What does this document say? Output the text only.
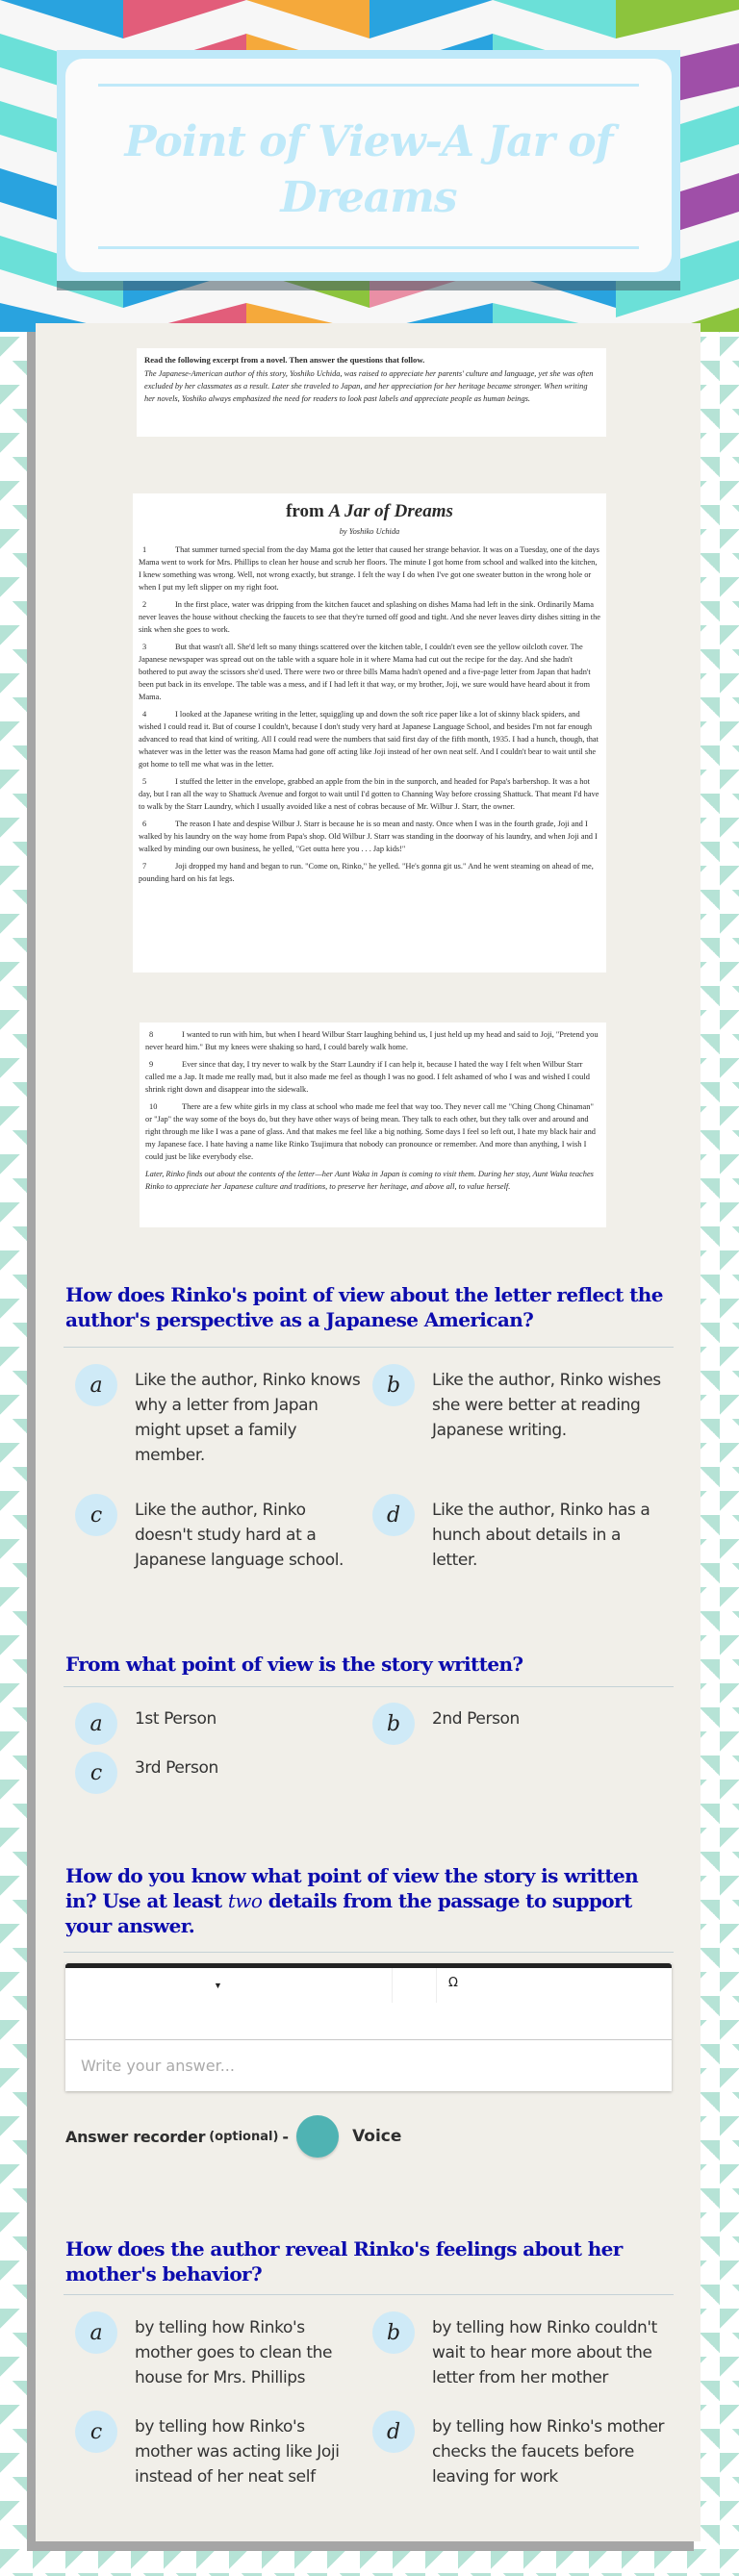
Point of View-A Jar of Dreams
Read the following excerpt from a novel. Then answer the questions that follow.
The Japanese-American author of this story, Yoshiko Uchida, was raised to appreciate her parents' culture and language, yet she was often excluded by her classmates as a result. Later she traveled to Japan, and her appreciation for her heritage became stronger. When writing her novels, Yoshiko always emphasized the need for readers to look past labels and appreciate people as human beings.
from A Jar of Dreams
by Yoshiko Uchida
1	That summer turned special from the day Mama got the letter that caused her strange behavior. It was on a Tuesday, one of the days Mama went to work for Mrs. Phillips to clean her house and scrub her floors. The minute I got home from school and walked into the kitchen, I knew something was wrong. Well, not wrong exactly, but strange. I felt the way I do when I've got one sweater button in the wrong hole or when I put my left slipper on my right foot.
2	In the first place, water was dripping from the kitchen faucet and splashing on dishes Mama had left in the sink. Ordinarily Mama never leaves the house without checking the faucets to see that they're turned off good and tight. And she never leaves dirty dishes sitting in the sink when she goes to work.
3	But that wasn't all. She'd left so many things scattered over the kitchen table, I couldn't even see the yellow oilcloth cover. The Japanese newspaper was spread out on the table with a square hole in it where Mama had cut out the recipe for the day. And she hadn't bothered to put away the scissors she'd used. There were two or three bills Mama hadn't opened and a five-page letter from Japan that hadn't been put back in its envelope. The table was a mess, and if I had left it that way, or my brother, Joji, we sure would have heard about it from Mama.
4	I looked at the Japanese writing in the letter, squiggling up and down the soft rice paper like a lot of skinny black spiders, and wished I could read it. But of course I couldn't, because I don't study very hard at Japanese Language School, and besides I'm not far enough advanced to read that kind of writing. All I could read were the numbers that said first day of the fifth month, 1935. I had a hunch, though, that whatever was in the letter was the reason Mama had gone off acting like Joji instead of her own neat self. And I couldn't bear to wait until she got home to tell me what was in the letter.
5	I stuffed the letter in the envelope, grabbed an apple from the bin in the sunporch, and headed for Papa's barbershop. It was a hot day, but I ran all the way to Shattuck Avenue and forgot to wait until I'd gotten to Channing Way before crossing Shattuck. That meant I'd have to walk by the Starr Laundry, which I usually avoided like a nest of cobras because of Mr. Wilbur J. Starr, the owner.
6	The reason I hate and despise Wilbur J. Starr is because he is so mean and nasty. Once when I was in the fourth grade, Joji and I walked by his laundry on the way home from Papa's shop. Old Wilbur J. Starr was standing in the doorway of his laundry, and when Joji and I walked by minding our own business, he yelled, "Get outta here you . . . Jap kids!"
7	Joji dropped my hand and began to run. "Come on, Rinko," he yelled. "He's gonna git us." And he went steaming on ahead of me, pounding hard on his fat legs.
8	I wanted to run with him, but when I heard Wilbur Starr laughing behind us, I just held up my head and said to Joji, "Pretend you never heard him." But my knees were shaking so hard, I could barely walk home.
9	Ever since that day, I try never to walk by the Starr Laundry if I can help it, because I hated the way I felt when Wilbur Starr called me a Jap. It made me really mad, but it also made me feel as though I was no good. I felt ashamed of who I was and wished I could shrink right down and disappear into the sidewalk.
10	There are a few white girls in my class at school who made me feel that way too. They never call me "Ching Chong Chinaman" or "Jap" the way some of the boys do, but they have other ways of being mean. They talk to each other, but they talk over and around and right through me like I was a pane of glass. And that makes me feel like a big nothing. Some days I feel so left out, I hate my black hair and my Japanese face. I hate having a name like Rinko Tsujimura that nobody can pronounce or remember. And more than anything, I wish I could just be like everybody else.
Later, Rinko finds out about the contents of the letter—her Aunt Waka in Japan is coming to visit them. During her stay, Aunt Waka teaches Rinko to appreciate her Japanese culture and traditions, to preserve her heritage, and above all, to value herself.
How does Rinko's point of view about the letter reflect the author's perspective as a Japanese American?
a	Like the author, Rinko knows why a letter from Japan might upset a family member.
b	Like the author, Rinko wishes she were better at reading Japanese writing.
c	Like the author, Rinko doesn't study hard at a Japanese language school.
d	Like the author, Rinko has a hunch about details in a letter.
From what point of view is the story written?
a	1st Person	b	2nd Person
c	3rd Person
How do you know what point of view the story is written in? Use at least two details from the passage to support your answer.
▼	Ω
Write your answer...
Answer recorder (optional) -	Voice
How does the author reveal Rinko's feelings about her mother's behavior?
a	by telling how Rinko's mother goes to clean the house for Mrs. Phillips
b	by telling how Rinko couldn't wait to hear more about the letter from her mother
c	by telling how Rinko's mother was acting like Joji instead of her neat self
d	by telling how Rinko's mother checks the faucets before leaving for work
